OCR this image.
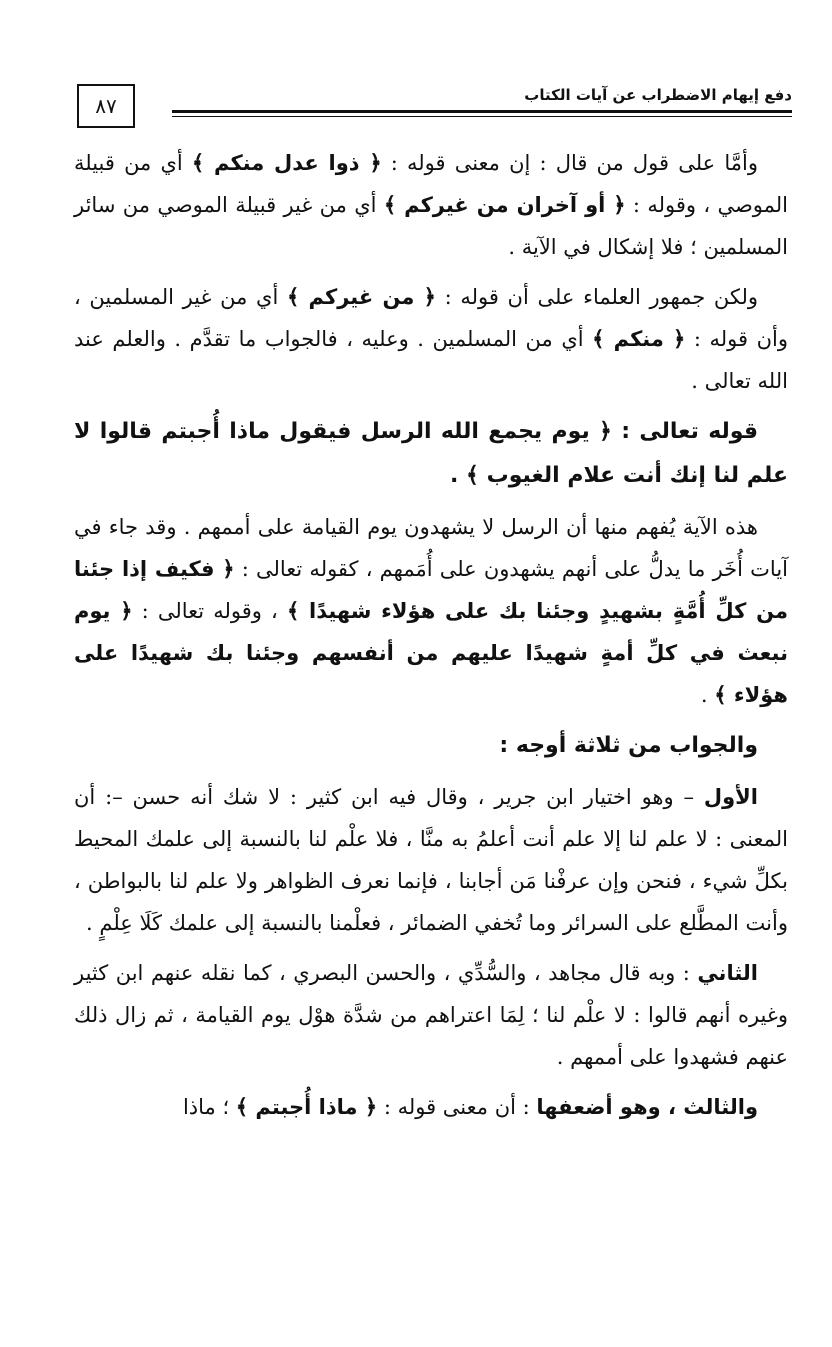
٨٧	دفع إيهام الاضطراب عن آيات الكتاب

وأمَّا على قول من قال : إن معنى قوله : ﴿ ذوا عدل منكم ﴾ أي من قبيلة الموصي ، وقوله : ﴿ أو آخران من غيركم ﴾ أي من غير قبيلة الموصي من سائر المسلمين ؛ فلا إشكال في الآية .

ولكن جمهور العلماء على أن قوله : ﴿ من غيركم ﴾ أي من غير المسلمين ، وأن قوله : ﴿ منكم ﴾ أي من المسلمين . وعليه ، فالجواب ما تقدَّم . والعلم عند الله تعالى .

قوله تعالى : ﴿ يوم يجمع الله الرسل فيقول ماذا أُجبتم قالوا لا علم لنا إنك أنت علام الغيوب ﴾ .

هذه الآية يُفهم منها أن الرسل لا يشهدون يوم القيامة على أممهم . وقد جاء في آيات أُخَر ما يدلُّ على أنهم يشهدون على أُمَمهم ، كقوله تعالى : ﴿ فكيف إذا جئنا من كلِّ أُمَّةٍ بشهيدٍ وجئنا بك على هؤلاء شهيدًا ﴾ ، وقوله تعالى : ﴿ يوم نبعث في كلِّ أمةٍ شهيدًا عليهم من أنفسهم وجئنا بك شهيدًا على هؤلاء ﴾ .

والجواب من ثلاثة أوجه :

الأول – وهو اختيار ابن جرير ، وقال فيه ابن كثير : لا شك أنه حسن –: أن المعنى : لا علم لنا إلا علم أنت أعلمُ به منَّا ، فلا علْم لنا بالنسبة إلى علمك المحيط بكلِّ شيء ، فنحن وإن عرفْنا مَن أجابنا ، فإنما نعرف الظواهر ولا علم لنا بالبواطن ، وأنت المطَّلع على السرائر وما تُخفي الضمائر ، فعلْمنا بالنسبة إلى علمك كَلَا عِلْمٍ .

الثاني : وبه قال مجاهد ، والسُّدِّي ، والحسن البصري ، كما نقله عنهم ابن كثير وغيره أنهم قالوا : لا علْم لنا ؛ لِمَا اعتراهم من شدَّة هوْل يوم القيامة ، ثم زال ذلك عنهم فشهدوا على أممهم .

والثالث ، وهو أضعفها : أن معنى قوله : ﴿ ماذا أُجبتم ﴾ ؛ ماذا
